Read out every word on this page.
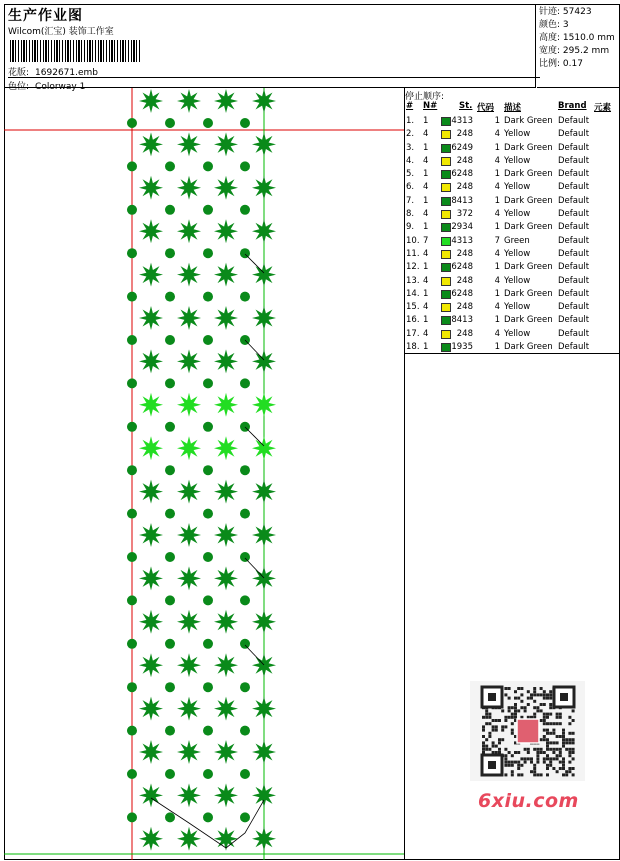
生产作业图
Wilcom(汇宝) 装饰工作室
花版: 1692671.emb
色位: Colorway 1
针迹: 57423
颜色: 3
高度: 1510.0 mm
宽度: 295.2 mm
比例: 0.17
停止顺序:
# N#	St. 代码 描述	Brand 元素
1. 1	4313	1 Dark Green Default
2. 4	248	4 Yellow	Default
3. 1	6249	1 Dark Green Default
4. 4	248	4 Yellow	Default
5. 1	6248	1 Dark Green Default
6. 4	248	4 Yellow	Default
7. 1	8413	1 Dark Green Default
8. 4	372	4 Yellow	Default
9. 1	2934	1 Dark Green Default
10. 7	4313	7 Green	Default
11. 4	248	4 Yellow	Default
12. 1	6248	1 Dark Green Default
13. 4	248	4 Yellow	Default
14. 1	6248	1 Dark Green Default
15. 4	248	4 Yellow	Default
16. 1	8413	1 Dark Green Default
17. 4	248	4 Yellow	Default
18. 1	1935	1 Dark Green Default
6xiu.com
